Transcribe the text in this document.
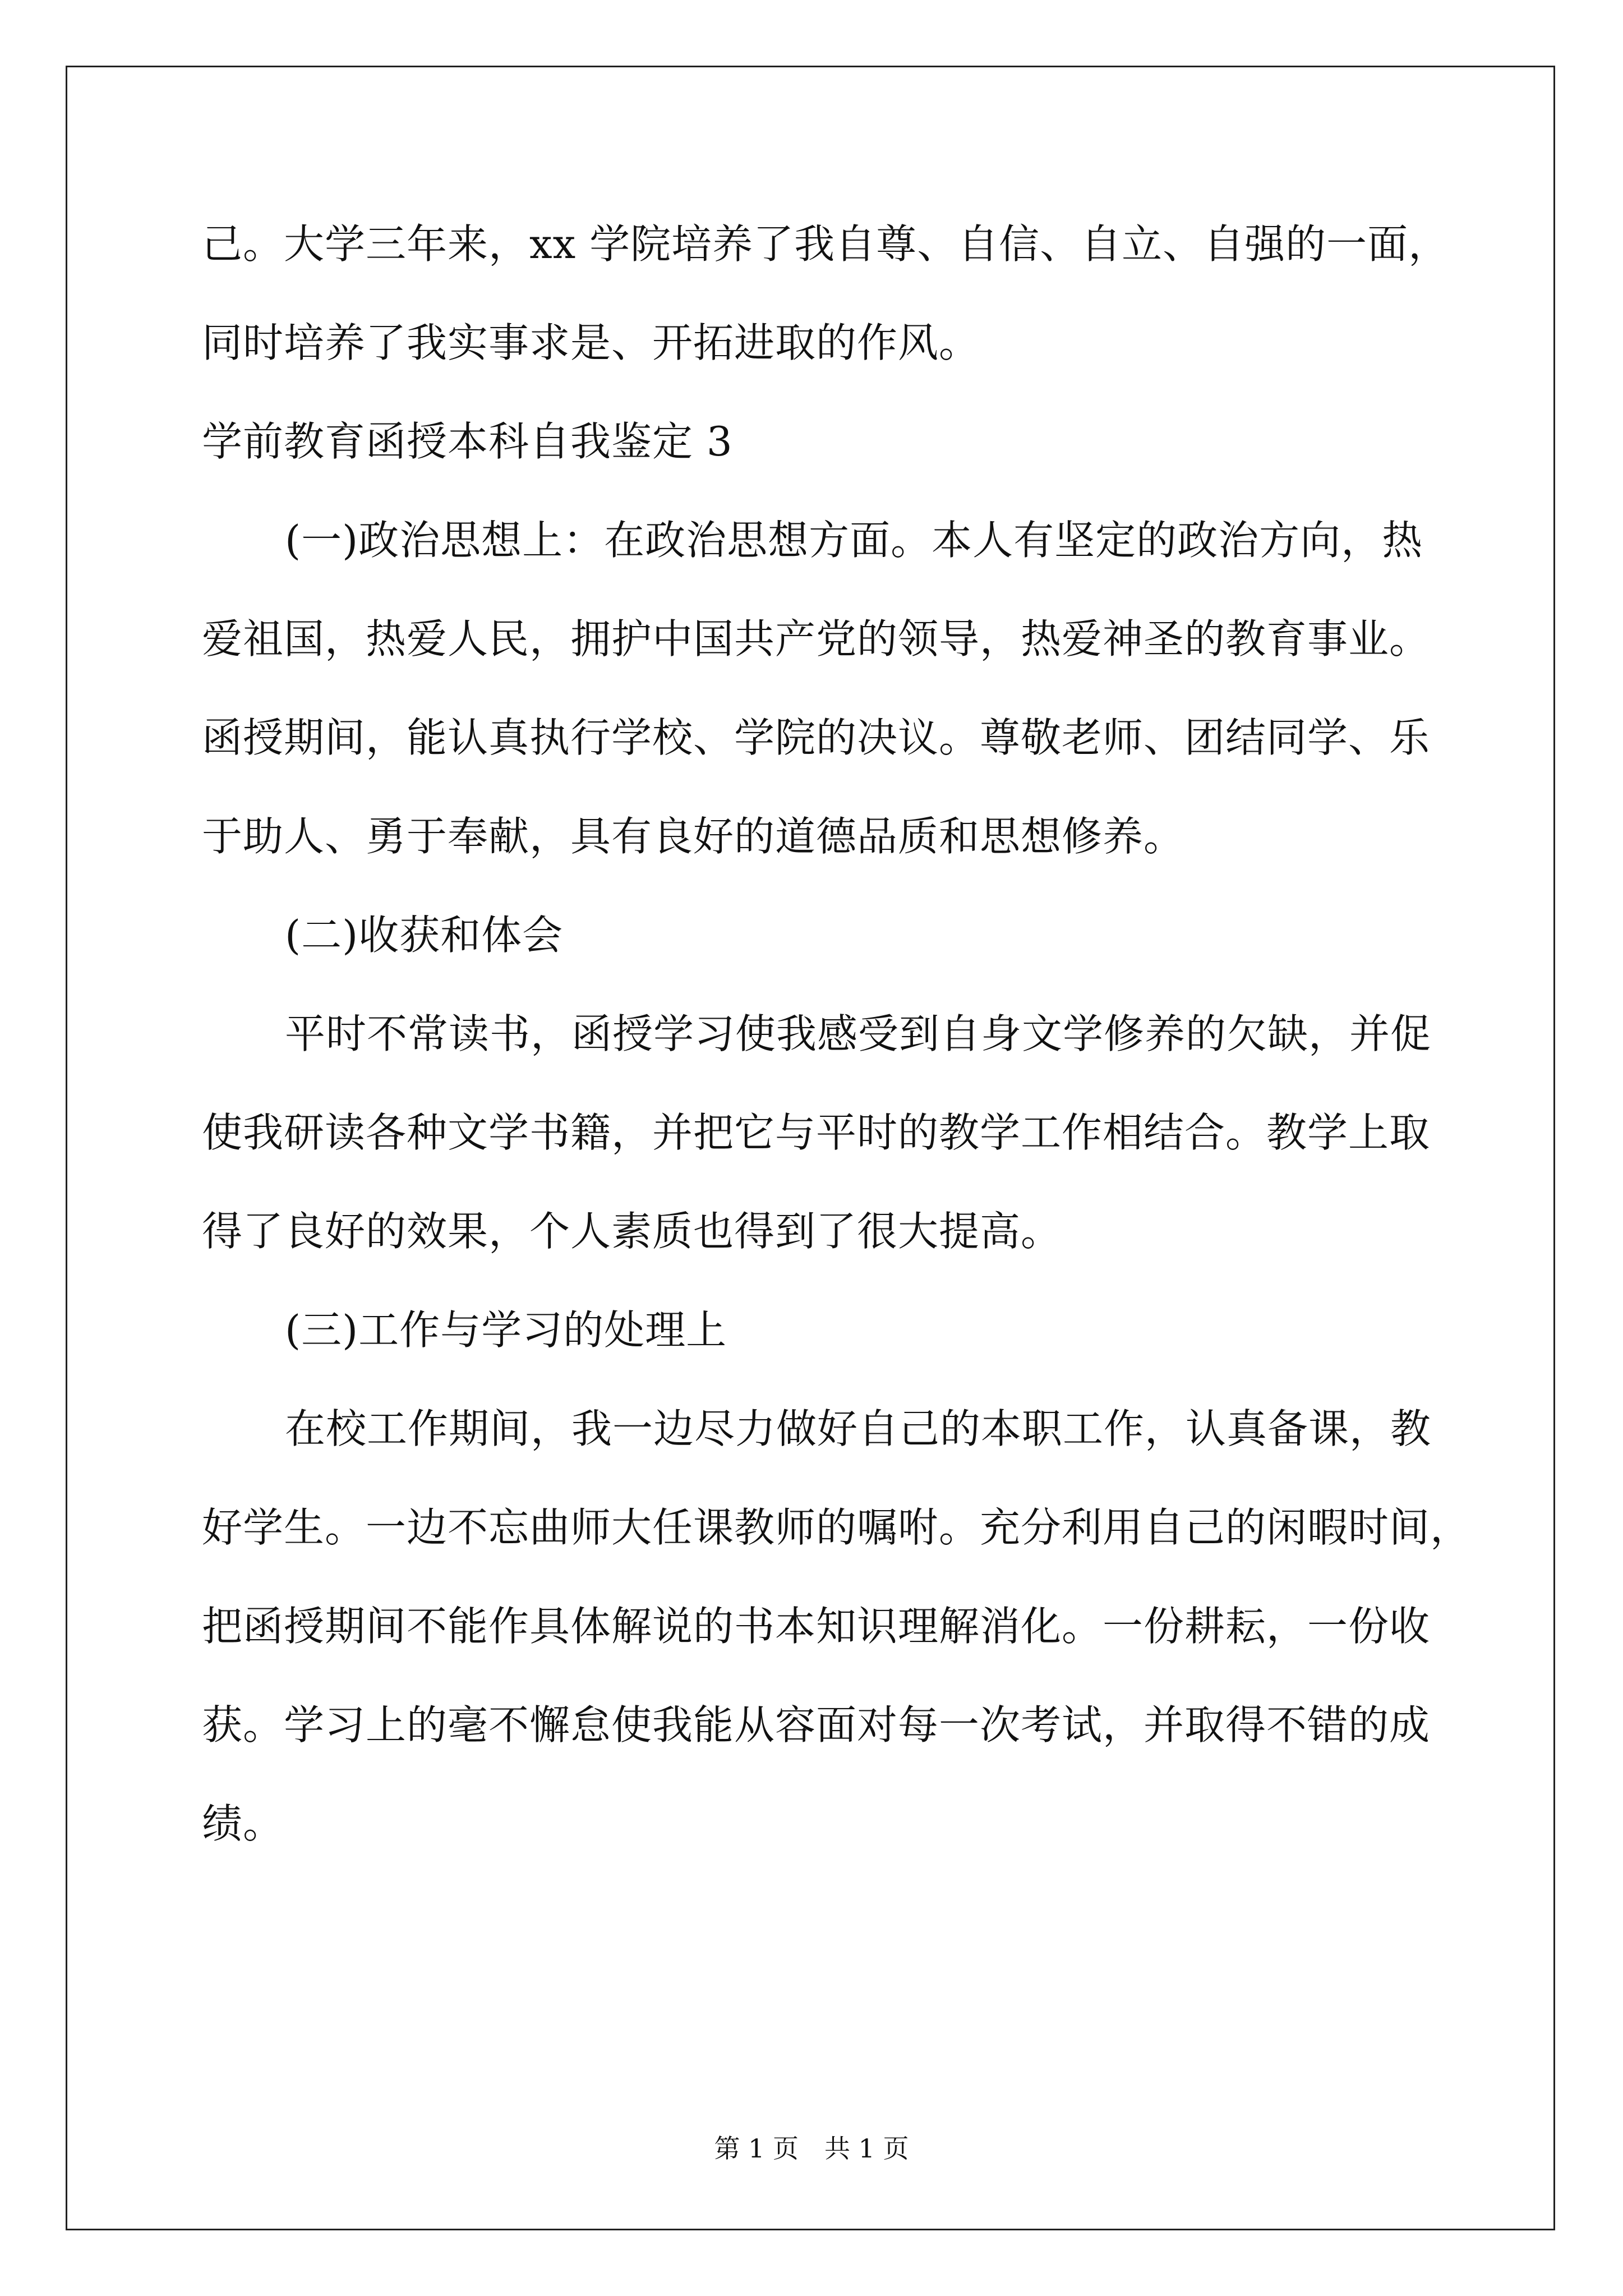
己。大学三年来，xx 学院培养了我自尊、自信、自立、自强的一面，
同时培养了我实事求是、开拓进取的作风。
学前教育函授本科自我鉴定 3
(一)政治思想上：在政治思想方面。本人有坚定的政治方向，热
爱祖国，热爱人民，拥护中国共产党的领导，热爱神圣的教育事业。
函授期间，能认真执行学校、学院的决议。尊敬老师、团结同学、乐
于助人、勇于奉献，具有良好的道德品质和思想修养。
(二)收获和体会
平时不常读书，函授学习使我感受到自身文学修养的欠缺，并促
使我研读各种文学书籍，并把它与平时的教学工作相结合。教学上取
得了良好的效果，个人素质也得到了很大提高。
(三)工作与学习的处理上
在校工作期间，我一边尽力做好自己的本职工作，认真备课，教
好学生。一边不忘曲师大任课教师的嘱咐。充分利用自己的闲暇时间，
把函授期间不能作具体解说的书本知识理解消化。一份耕耘，一份收
获。学习上的毫不懈怠使我能从容面对每一次考试，并取得不错的成
绩。
第 1 页　共 1 页
